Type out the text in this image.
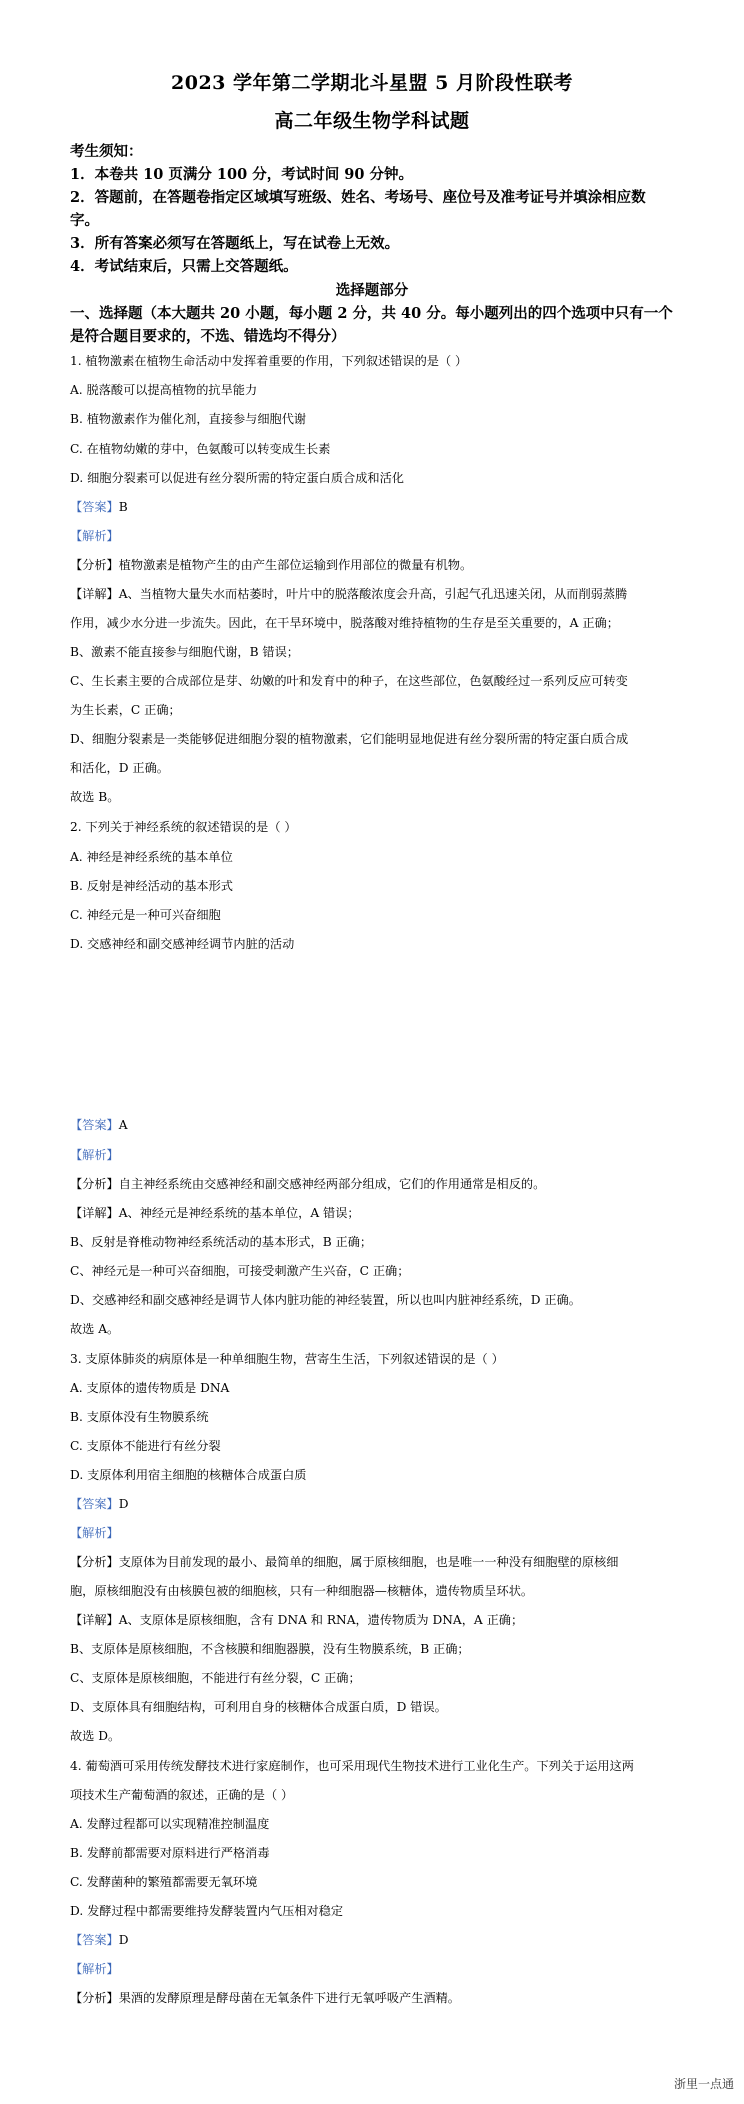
2023 学年第二学期北斗星盟 5 月阶段性联考
高二年级生物学科试题
考生须知：
1．本卷共 10 页满分 100 分，考试时间 90 分钟。
2．答题前，在答题卷指定区域填写班级、姓名、考场号、座位号及准考证号并填涂相应数
字。
3．所有答案必须写在答题纸上，写在试卷上无效。
4．考试结束后，只需上交答题纸。
选择题部分
一、选择题（本大题共 20 小题，每小题 2 分，共 40 分。每小题列出的四个选项中只有一个
是符合题目要求的，不选、错选均不得分）
1. 植物激素在植物生命活动中发挥着重要的作用，下列叙述错误的是（ ）
A. 脱落酸可以提高植物的抗旱能力
B. 植物激素作为催化剂，直接参与细胞代谢
C. 在植物幼嫩的芽中，色氨酸可以转变成生长素
D. 细胞分裂素可以促进有丝分裂所需的特定蛋白质合成和活化
【答案】B
【解析】
【分析】植物激素是植物产生的由产生部位运输到作用部位的微量有机物。
【详解】A、当植物大量失水而枯萎时，叶片中的脱落酸浓度会升高，引起气孔迅速关闭，从而削弱蒸腾
作用，减少水分进一步流失。因此，在干旱环境中，脱落酸对维持植物的生存是至关重要的，A 正确；
B、激素不能直接参与细胞代谢，B 错误；
C、生长素主要的合成部位是芽、幼嫩的叶和发育中的种子，在这些部位，色氨酸经过一系列反应可转变
为生长素，C 正确；
D、细胞分裂素是一类能够促进细胞分裂的植物激素，它们能明显地促进有丝分裂所需的特定蛋白质合成
和活化，D 正确。
故选 B。
2. 下列关于神经系统的叙述错误的是（ ）
A. 神经是神经系统的基本单位
B. 反射是神经活动的基本形式
C. 神经元是一种可兴奋细胞
D. 交感神经和副交感神经调节内脏的活动
【答案】A
【解析】
【分析】自主神经系统由交感神经和副交感神经两部分组成，它们的作用通常是相反的。
【详解】A、神经元是神经系统的基本单位，A 错误；
B、反射是脊椎动物神经系统活动的基本形式，B 正确；
C、神经元是一种可兴奋细胞，可接受刺激产生兴奋，C 正确；
D、交感神经和副交感神经是调节人体内脏功能的神经装置，所以也叫内脏神经系统，D 正确。
故选 A。
3. 支原体肺炎的病原体是一种单细胞生物，营寄生生活，下列叙述错误的是（ ）
A. 支原体的遗传物质是 DNA
B. 支原体没有生物膜系统
C. 支原体不能进行有丝分裂
D. 支原体利用宿主细胞的核糖体合成蛋白质
【答案】D
【解析】
【分析】支原体为目前发现的最小、最简单的细胞，属于原核细胞，也是唯一一种没有细胞壁的原核细
胞，原核细胞没有由核膜包被的细胞核，只有一种细胞器—核糖体，遗传物质呈环状。
【详解】A、支原体是原核细胞，含有 DNA 和 RNA，遗传物质为 DNA，A 正确；
B、支原体是原核细胞，不含核膜和细胞器膜，没有生物膜系统，B 正确；
C、支原体是原核细胞，不能进行有丝分裂，C 正确；
D、支原体具有细胞结构，可利用自身的核糖体合成蛋白质，D 错误。
故选 D。
4. 葡萄酒可采用传统发酵技术进行家庭制作，也可采用现代生物技术进行工业化生产。下列关于运用这两
项技术生产葡萄酒的叙述，正确的是（ ）
A. 发酵过程都可以实现精准控制温度
B. 发酵前都需要对原料进行严格消毒
C. 发酵菌种的繁殖都需要无氧环境
D. 发酵过程中都需要维持发酵装置内气压相对稳定
【答案】D
【解析】
【分析】果酒的发酵原理是酵母菌在无氧条件下进行无氧呼吸产生酒精。
浙里一点通
